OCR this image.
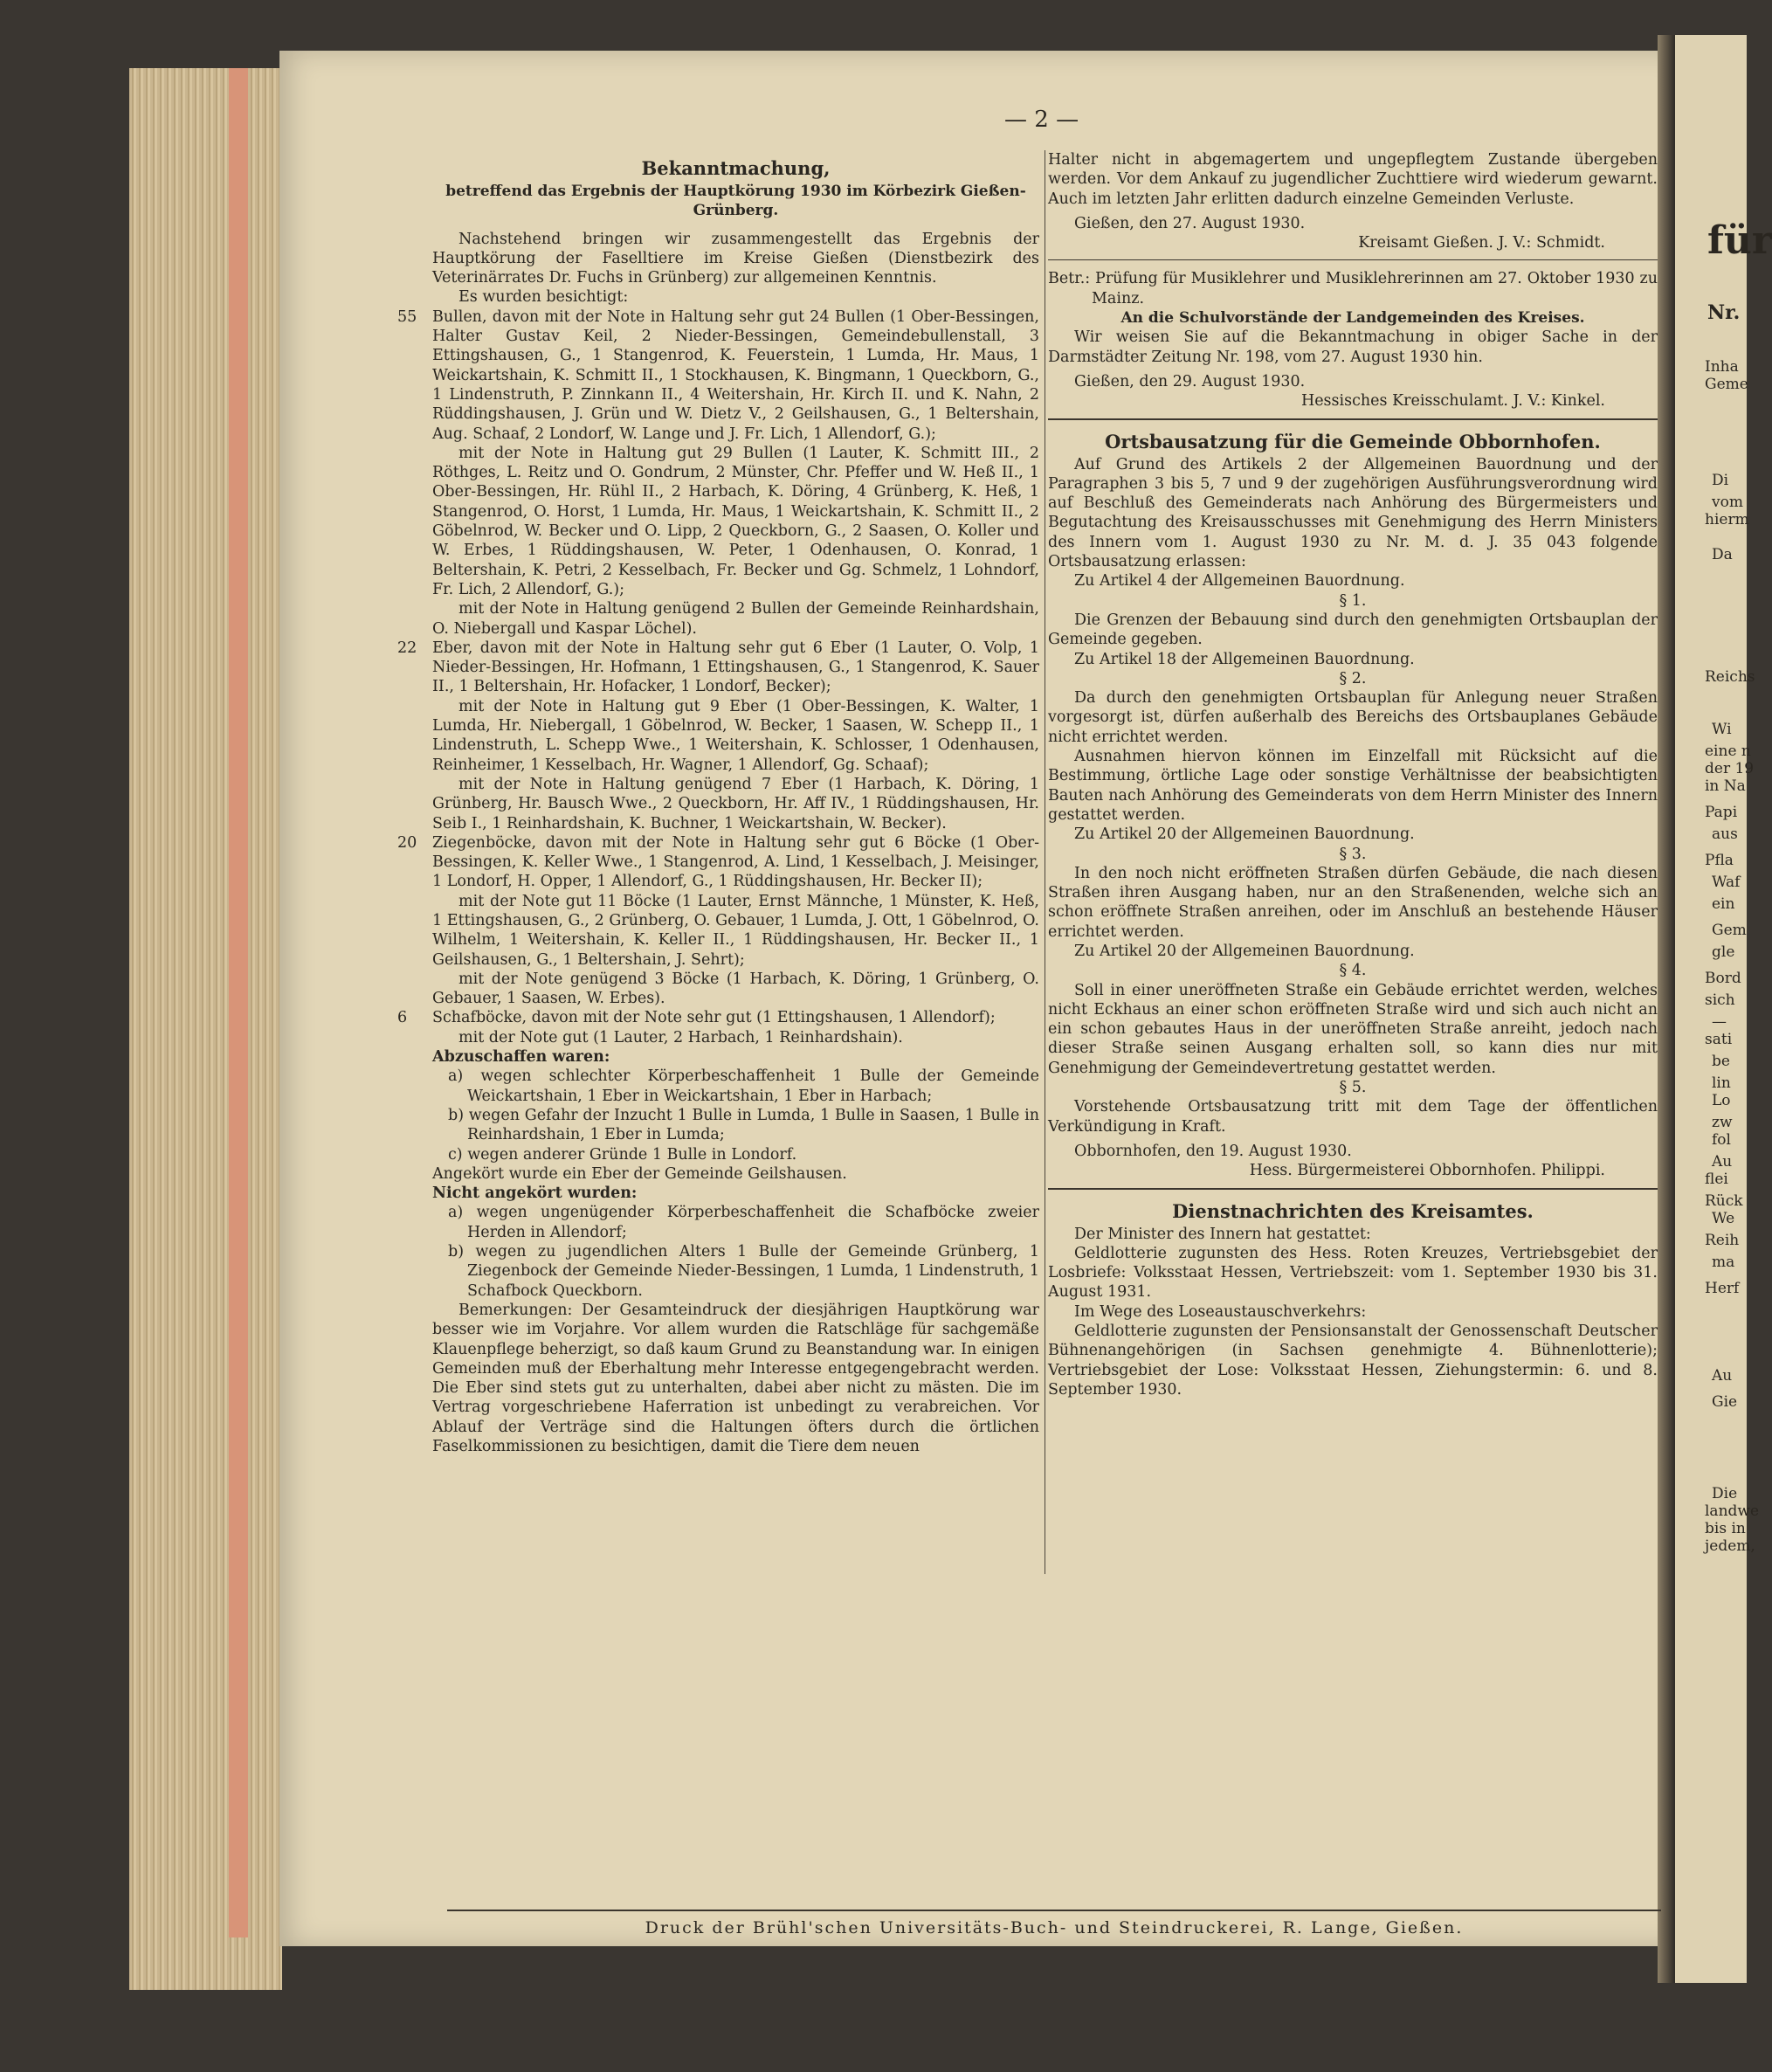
— 2 —

Bekanntmachung,

betreffend das Ergebnis der Hauptkörung 1930 im Körbezirk Gießen-Grünberg.

Nachstehend bringen wir zusammengestellt das Ergebnis der Hauptkörung der Faselltiere im Kreise Gießen (Dienstbezirk des Veterinärrates Dr. Fuchs in Grünberg) zur allgemeinen Kenntnis.

Es wurden besichtigt:

55	Bullen, davon mit der Note in Haltung sehr gut 24 Bullen (1 Ober-Bessingen, Halter Gustav Keil, 2 Nieder-Bessingen, Gemeindebullenstall, 3 Ettingshausen, G., 1 Stangenrod, K. Feuerstein, 1 Lumda, Hr. Maus, 1 Weickartshain, K. Schmitt II., 1 Stockhausen, K. Bingmann, 1 Queckborn, G., 1 Lindenstruth, P. Zinnkann II., 4 Weitershain, Hr. Kirch II. und K. Nahn, 2 Rüddingshausen, J. Grün und W. Dietz V., 2 Geilshausen, G., 1 Beltershain, Aug. Schaaf, 2 Londorf, W. Lange und J. Fr. Lich, 1 Allendorf, G.);

mit der Note in Haltung gut 29 Bullen (1 Lauter, K. Schmitt III., 2 Röthges, L. Reitz und O. Gondrum, 2 Münster, Chr. Pfeffer und W. Heß II., 1 Ober-Bessingen, Hr. Rühl II., 2 Harbach, K. Döring, 4 Grünberg, K. Heß, 1 Stangenrod, O. Horst, 1 Lumda, Hr. Maus, 1 Weickartshain, K. Schmitt II., 2 Göbelnrod, W. Becker und O. Lipp, 2 Queckborn, G., 2 Saasen, O. Koller und W. Erbes, 1 Rüddingshausen, W. Peter, 1 Odenhausen, O. Konrad, 1 Beltershain, K. Petri, 2 Kesselbach, Fr. Becker und Gg. Schmelz, 1 Lohndorf, Fr. Lich, 2 Allendorf, G.);

mit der Note in Haltung genügend 2 Bullen der Gemeinde Reinhardshain, O. Niebergall und Kaspar Löchel).

22	Eber, davon mit der Note in Haltung sehr gut 6 Eber (1 Lauter, O. Volp, 1 Nieder-Bessingen, Hr. Hofmann, 1 Ettingshausen, G., 1 Stangenrod, K. Sauer II., 1 Beltershain, Hr. Hofacker, 1 Londorf, Becker);

mit der Note in Haltung gut 9 Eber (1 Ober-Bessingen, K. Walter, 1 Lumda, Hr. Niebergall, 1 Göbelnrod, W. Becker, 1 Saasen, W. Schepp II., 1 Lindenstruth, L. Schepp Wwe., 1 Weitershain, K. Schlosser, 1 Odenhausen, Reinheimer, 1 Kesselbach, Hr. Wagner, 1 Allendorf, Gg. Schaaf);

mit der Note in Haltung genügend 7 Eber (1 Harbach, K. Döring, 1 Grünberg, Hr. Bausch Wwe., 2 Queckborn, Hr. Aff IV., 1 Rüddingshausen, Hr. Seib I., 1 Reinhardshain, K. Buchner, 1 Weickartshain, W. Becker).

20	Ziegenböcke, davon mit der Note in Haltung sehr gut 6 Böcke (1 Ober-Bessingen, K. Keller Wwe., 1 Stangenrod, A. Lind, 1 Kesselbach, J. Meisinger, 1 Londorf, H. Opper, 1 Allendorf, G., 1 Rüddingshausen, Hr. Becker II);

mit der Note gut 11 Böcke (1 Lauter, Ernst Männche, 1 Münster, K. Heß, 1 Ettingshausen, G., 2 Grünberg, O. Gebauer, 1 Lumda, J. Ott, 1 Göbelnrod, O. Wilhelm, 1 Weitershain, K. Keller II., 1 Rüddingshausen, Hr. Becker II., 1 Geilshausen, G., 1 Beltershain, J. Sehrt);

mit der Note genügend 3 Böcke (1 Harbach, K. Döring, 1 Grünberg, O. Gebauer, 1 Saasen, W. Erbes).

6	Schafböcke, davon mit der Note sehr gut (1 Ettingshausen, 1 Allendorf);

mit der Note gut (1 Lauter, 2 Harbach, 1 Reinhardshain).

Abzuschaffen waren:

a) wegen schlechter Körperbeschaffenheit 1 Bulle der Gemeinde Weickartshain, 1 Eber in Weickartshain, 1 Eber in Harbach;

b) wegen Gefahr der Inzucht 1 Bulle in Lumda, 1 Bulle in Saasen, 1 Bulle in Reinhardshain, 1 Eber in Lumda;

c) wegen anderer Gründe 1 Bulle in Londorf.

Angekört wurde ein Eber der Gemeinde Geilshausen.

Nicht angekört wurden:

a) wegen ungenügender Körperbeschaffenheit die Schafböcke zweier Herden in Allendorf;

b) wegen zu jugendlichen Alters 1 Bulle der Gemeinde Grünberg, 1 Ziegenbock der Gemeinde Nieder-Bessingen, 1 Lumda, 1 Lindenstruth, 1 Schafbock Queckborn.

Bemerkungen: Der Gesamteindruck der diesjährigen Hauptkörung war besser wie im Vorjahre. Vor allem wurden die Ratschläge für sachgemäße Klauenpflege beherzigt, so daß kaum Grund zu Beanstandung war. In einigen Gemeinden muß der Eberhaltung mehr Interesse entgegengebracht werden. Die Eber sind stets gut zu unterhalten, dabei aber nicht zu mästen. Die im Vertrag vorgeschriebene Haferration ist unbedingt zu verabreichen. Vor Ablauf der Verträge sind die Haltungen öfters durch die örtlichen Faselkommissionen zu besichtigen, damit die Tiere dem neuen

Halter nicht in abgemagertem und ungepflegtem Zustande übergeben werden. Vor dem Ankauf zu jugendlicher Zuchttiere wird wiederum gewarnt. Auch im letzten Jahr erlitten dadurch einzelne Gemeinden Verluste.

Gießen, den 27. August 1930.

Kreisamt Gießen. J. V.: Schmidt.

Betr.: Prüfung für Musiklehrer und Musiklehrerinnen am 27. Oktober 1930 zu Mainz.

An die Schulvorstände der Landgemeinden des Kreises.

Wir weisen Sie auf die Bekanntmachung in obiger Sache in der Darmstädter Zeitung Nr. 198, vom 27. August 1930 hin.

Gießen, den 29. August 1930.

Hessisches Kreisschulamt. J. V.: Kinkel.

Ortsbausatzung für die Gemeinde Obbornhofen.

Auf Grund des Artikels 2 der Allgemeinen Bauordnung und der Paragraphen 3 bis 5, 7 und 9 der zugehörigen Ausführungsverordnung wird auf Beschluß des Gemeinderats nach Anhörung des Bürgermeisters und Begutachtung des Kreisausschusses mit Genehmigung des Herrn Ministers des Innern vom 1. August 1930 zu Nr. M. d. J. 35 043 folgende Ortsbausatzung erlassen:

Zu Artikel 4 der Allgemeinen Bauordnung.

§ 1.

Die Grenzen der Bebauung sind durch den genehmigten Ortsbauplan der Gemeinde gegeben.

Zu Artikel 18 der Allgemeinen Bauordnung.

§ 2.

Da durch den genehmigten Ortsbauplan für Anlegung neuer Straßen vorgesorgt ist, dürfen außerhalb des Bereichs des Ortsbauplanes Gebäude nicht errichtet werden.

Ausnahmen hiervon können im Einzelfall mit Rücksicht auf die Bestimmung, örtliche Lage oder sonstige Verhältnisse der beabsichtigten Bauten nach Anhörung des Gemeinderats von dem Herrn Minister des Innern gestattet werden.

Zu Artikel 20 der Allgemeinen Bauordnung.

§ 3.

In den noch nicht eröffneten Straßen dürfen Gebäude, die nach diesen Straßen ihren Ausgang haben, nur an den Straßenenden, welche sich an schon eröffnete Straßen anreihen, oder im Anschluß an bestehende Häuser errichtet werden.

Zu Artikel 20 der Allgemeinen Bauordnung.

§ 4.

Soll in einer uneröffneten Straße ein Gebäude errichtet werden, welches nicht Eckhaus an einer schon eröffneten Straße wird und sich auch nicht an ein schon gebautes Haus in der uneröffneten Straße anreiht, jedoch nach dieser Straße seinen Ausgang erhalten soll, so kann dies nur mit Genehmigung der Gemeindevertretung gestattet werden.

§ 5.

Vorstehende Ortsbausatzung tritt mit dem Tage der öffentlichen Verkündigung in Kraft.

Obbornhofen, den 19. August 1930.

Hess. Bürgermeisterei Obbornhofen. Philippi.

Dienstnachrichten des Kreisamtes.

Der Minister des Innern hat gestattet:

Geldlotterie zugunsten des Hess. Roten Kreuzes, Vertriebsgebiet der Losbriefe: Volksstaat Hessen, Vertriebszeit: vom 1. September 1930 bis 31. August 1931.

Im Wege des Loseaustauschverkehrs:

Geldlotterie zugunsten der Pensionsanstalt der Genossenschaft Deutscher Bühnenangehörigen (in Sachsen genehmigte 4. Bühnenlotterie); Vertriebsgebiet der Lose: Volksstaat Hessen, Ziehungstermin: 6. und 8. September 1930.

Druck der Brühl'schen Universitäts-Buch- und Steindruckerei, R. Lange, Gießen.
für
Nr.
Inha
Geme
Di
vom
hierm
Da
Reichs
Wi
eine n
der 19
in Na
Papi
aus
Pfla
Waf
ein
Gem
gle
Bord
sich
—
sati
be
lin
Lo
zw
fol
Au
flei
Rück
We
Reih
ma
Herf
Au
Gie
Die
landwe
bis in
jedem,
